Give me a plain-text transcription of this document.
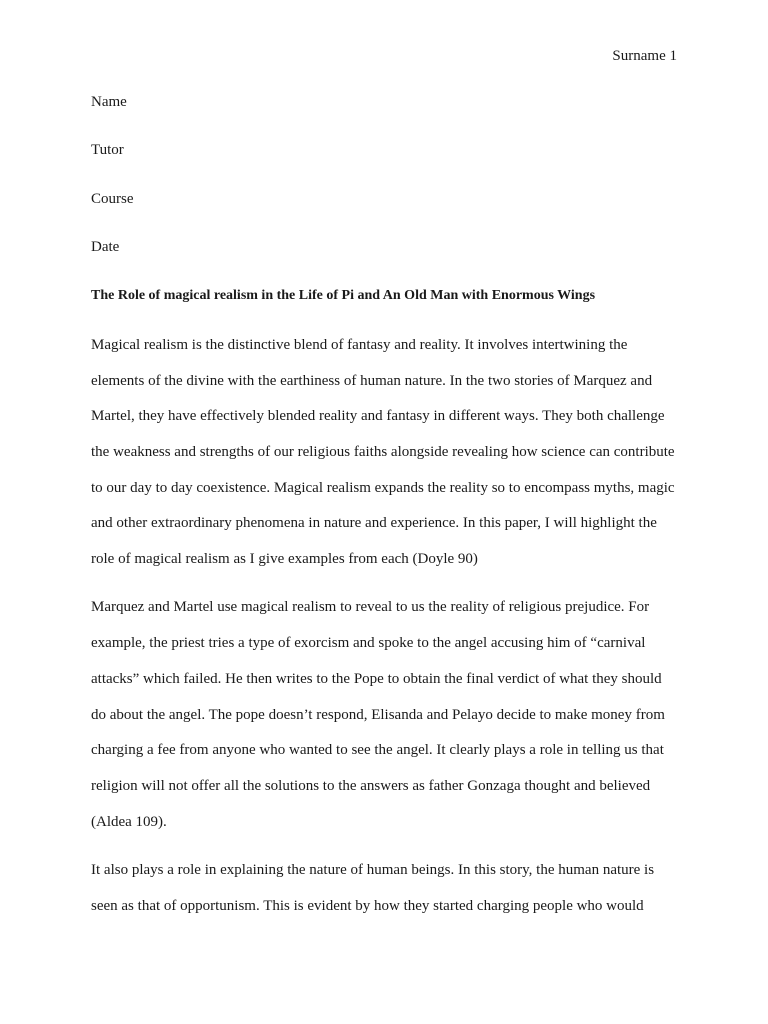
Surname 1
Name
Tutor
Course
Date
The Role of magical realism in the Life of Pi and An Old Man with Enormous Wings
Magical realism is the distinctive blend of fantasy and reality. It involves intertwining the
elements of the divine with the earthiness of human nature. In the two stories of Marquez and
Martel, they have effectively blended reality and fantasy in different ways. They both challenge
the weakness and strengths of our religious faiths alongside revealing how science can contribute
to our day to day coexistence. Magical realism expands the reality so to encompass myths, magic
and other extraordinary phenomena in nature and experience. In this paper, I will highlight the
role of magical realism as I give examples from each (Doyle 90)
Marquez and Martel use magical realism to reveal to us the reality of religious prejudice. For
example, the priest tries a type of exorcism and spoke to the angel accusing him of “carnival
attacks” which failed. He then writes to the Pope to obtain the final verdict of what they should
do about the angel. The pope doesn’t respond, Elisanda and Pelayo decide to make money from
charging a fee from anyone who wanted to see the angel. It clearly plays a role in telling us that
religion will not offer all the solutions to the answers as father Gonzaga thought and believed
(Aldea 109).
It also plays a role in explaining the nature of human beings. In this story, the human nature is
seen as that of opportunism. This is evident by how they started charging people who would
